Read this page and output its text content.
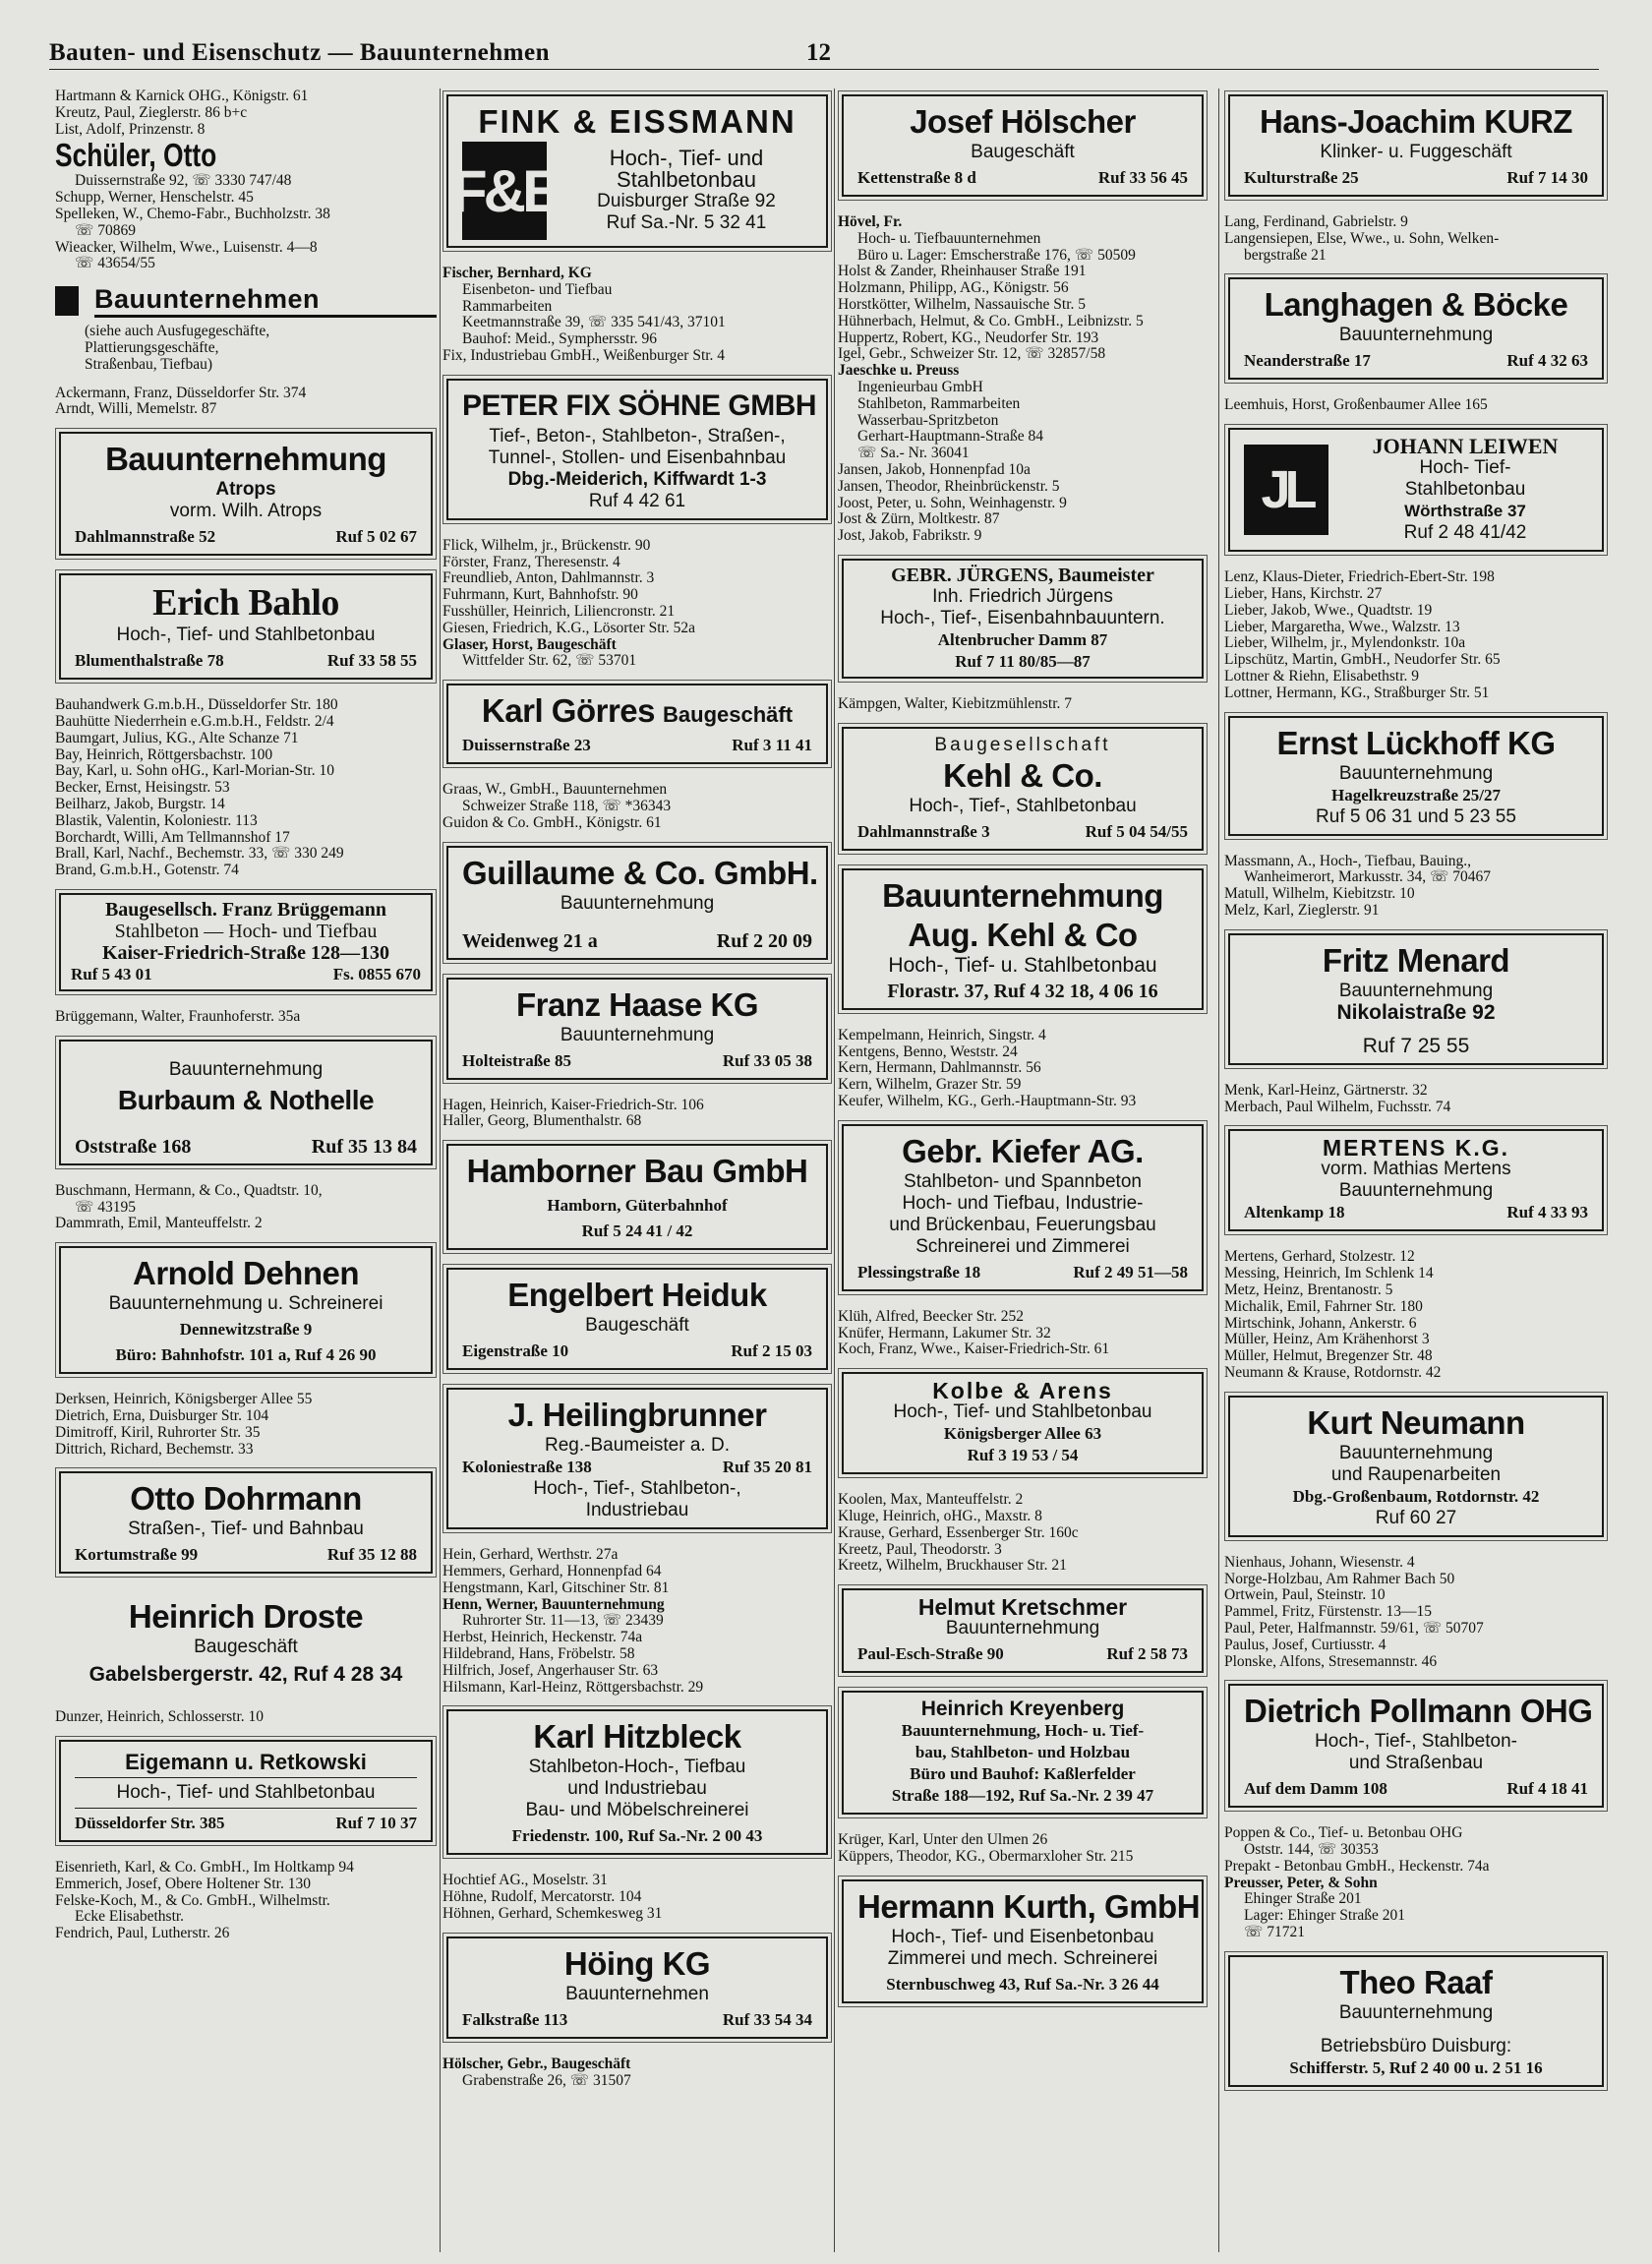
Bauten- und Eisenschutz — Bauunternehmen	12
Hartmann & Karnick OHG., Königstr. 61
Kreutz, Paul, Zieglerstr. 86 b+c
List, Adolf, Prinzenstr. 8
Schüler, Otto
Duissernstraße 92, ☏ 3330 747/48
Schupp, Werner, Henschelstr. 45
Spelleken, W., Chemo-Fabr., Buchholzstr. 38
☏ 70869
Wieacker, Wilhelm, Wwe., Luisenstr. 4—8
☏ 43654/55
Bauunternehmen
(siehe auch Ausfugegeschäfte,
Plattierungsgeschäfte,
Straßenbau, Tiefbau)
Ackermann, Franz, Düsseldorfer Str. 374
Arndt, Willi, Memelstr. 87
Bauunternehmung
Atrops
vorm. Wilh. Atrops
Dahlmannstraße 52	Ruf 5 02 67
Erich Bahlo
Hoch-, Tief- und Stahlbetonbau
Blumenthalstraße 78	Ruf 33 58 55
Bauhandwerk G.m.b.H., Düsseldorfer Str. 180
Bauhütte Niederrhein e.G.m.b.H., Feldstr. 2/4
Baumgart, Julius, KG., Alte Schanze 71
Bay, Heinrich, Röttgersbachstr. 100
Bay, Karl, u. Sohn oHG., Karl-Morian-Str. 10
Becker, Ernst, Heisingstr. 53
Beilharz, Jakob, Burgstr. 14
Blastik, Valentin, Koloniestr. 113
Borchardt, Willi, Am Tellmannshof 17
Brall, Karl, Nachf., Bechemstr. 33, ☏ 330 249
Brand, G.m.b.H., Gotenstr. 74
Baugesellsch. Franz Brüggemann
Stahlbeton — Hoch- und Tiefbau
Kaiser-Friedrich-Straße 128—130
Ruf 5 43 01	Fs. 0855 670
Brüggemann, Walter, Fraunhoferstr. 35a
Bauunternehmung
Burbaum & Nothelle
Oststraße 168	Ruf 35 13 84
Buschmann, Hermann, & Co., Quadtstr. 10,
☏ 43195
Dammrath, Emil, Manteuffelstr. 2
Arnold Dehnen
Bauunternehmung u. Schreinerei
Dennewitzstraße 9
Büro: Bahnhofstr. 101 a, Ruf 4 26 90
Derksen, Heinrich, Königsberger Allee 55
Dietrich, Erna, Duisburger Str. 104
Dimitroff, Kiril, Ruhrorter Str. 35
Dittrich, Richard, Bechemstr. 33
Otto Dohrmann
Straßen-, Tief- und Bahnbau
Kortumstraße 99	Ruf 35 12 88
Heinrich Droste
Baugeschäft
Gabelsbergerstr. 42, Ruf 4 28 34
Dunzer, Heinrich, Schlosserstr. 10
Eigemann u. Retkowski
Hoch-, Tief- und Stahlbetonbau
Düsseldorfer Str. 385	Ruf 7 10 37
Eisenrieth, Karl, & Co. GmbH., Im Holtkamp 94
Emmerich, Josef, Obere Holtener Str. 130
Felske-Koch, M., & Co. GmbH., Wilhelmstr.
Ecke Elisabethstr.
Fendrich, Paul, Lutherstr. 26
FINK & EISSMANN
F&E	Hoch-, Tief- und
Stahlbetonbau
Duisburger Straße 92
Ruf Sa.-Nr. 5 32 41
Fischer, Bernhard, KG
Eisenbeton- und Tiefbau
Rammarbeiten
Keetmannstraße 39, ☏ 335 541/43, 37101
Bauhof: Meid., Symphersstr. 96
Fix, Industriebau GmbH., Weißenburger Str. 4
PETER FIX SÖHNE GMBH
Tief-, Beton-, Stahlbeton-, Straßen-,
Tunnel-, Stollen- und Eisenbahnbau
Dbg.-Meiderich, Kiffwardt 1-3
Ruf 4 42 61
Flick, Wilhelm, jr., Brückenstr. 90
Förster, Franz, Theresenstr. 4
Freundlieb, Anton, Dahlmannstr. 3
Fuhrmann, Kurt, Bahnhofstr. 90
Fusshüller, Heinrich, Liliencronstr. 21
Giesen, Friedrich, K.G., Lösorter Str. 52a
Glaser, Horst, Baugeschäft
Wittfelder Str. 62, ☏ 53701
Karl Görres Baugeschäft
Duissernstraße 23	Ruf 3 11 41
Graas, W., GmbH., Bauunternehmen
Schweizer Straße 118, ☏ *36343
Guidon & Co. GmbH., Königstr. 61
Guillaume & Co. GmbH.
Bauunternehmung
Weidenweg 21 a	Ruf 2 20 09
Franz Haase KG
Bauunternehmung
Holteistraße 85	Ruf 33 05 38
Hagen, Heinrich, Kaiser-Friedrich-Str. 106
Haller, Georg, Blumenthalstr. 68
Hamborner Bau GmbH
Hamborn, Güterbahnhof
Ruf 5 24 41 / 42
Engelbert Heiduk
Baugeschäft
Eigenstraße 10	Ruf 2 15 03
J. Heilingbrunner
Reg.-Baumeister a. D.
Koloniestraße 138	Ruf 35 20 81
Hoch-, Tief-, Stahlbeton-,
Industriebau
Hein, Gerhard, Werthstr. 27a
Hemmers, Gerhard, Honnenpfad 64
Hengstmann, Karl, Gitschiner Str. 81
Henn, Werner, Bauunternehmung
Ruhrorter Str. 11—13, ☏ 23439
Herbst, Heinrich, Heckenstr. 74a
Hildebrand, Hans, Fröbelstr. 58
Hilfrich, Josef, Angerhauser Str. 63
Hilsmann, Karl-Heinz, Röttgersbachstr. 29
Karl Hitzbleck
Stahlbeton-Hoch-, Tiefbau
und Industriebau
Bau- und Möbelschreinerei
Friedenstr. 100, Ruf Sa.-Nr. 2 00 43
Hochtief AG., Moselstr. 31
Höhne, Rudolf, Mercatorstr. 104
Höhnen, Gerhard, Schemkesweg 31
Höing KG
Bauunternehmen
Falkstraße 113	Ruf 33 54 34
Hölscher, Gebr., Baugeschäft
Grabenstraße 26, ☏ 31507
Josef Hölscher
Baugeschäft
Kettenstraße 8 d	Ruf 33 56 45
Hövel, Fr.
Hoch- u. Tiefbauunternehmen
Büro u. Lager: Emscherstraße 176, ☏ 50509
Holst & Zander, Rheinhauser Straße 191
Holzmann, Philipp, AG., Königstr. 56
Horstkötter, Wilhelm, Nassauische Str. 5
Hühnerbach, Helmut, & Co. GmbH., Leibnizstr. 5
Huppertz, Robert, KG., Neudorfer Str. 193
Igel, Gebr., Schweizer Str. 12, ☏ 32857/58
Jaeschke u. Preuss
Ingenieurbau GmbH
Stahlbeton, Rammarbeiten
Wasserbau-Spritzbeton
Gerhart-Hauptmann-Straße 84
☏ Sa.- Nr. 36041
Jansen, Jakob, Honnenpfad 10a
Jansen, Theodor, Rheinbrückenstr. 5
Joost, Peter, u. Sohn, Weinhagenstr. 9
Jost & Zürn, Moltkestr. 87
Jost, Jakob, Fabrikstr. 9
GEBR. JÜRGENS, Baumeister
Inh. Friedrich Jürgens
Hoch-, Tief-, Eisenbahnbauuntern.
Altenbrucher Damm 87
Ruf 7 11 80/85—87
Kämpgen, Walter, Kiebitzmühlenstr. 7
Baugesellschaft
Kehl & Co.
Hoch-, Tief-, Stahlbetonbau
Dahlmannstraße 3	Ruf 5 04 54/55
Bauunternehmung
Aug. Kehl & Co
Hoch-, Tief- u. Stahlbetonbau
Florastr. 37, Ruf 4 32 18, 4 06 16
Kempelmann, Heinrich, Singstr. 4
Kentgens, Benno, Weststr. 24
Kern, Hermann, Dahlmannstr. 56
Kern, Wilhelm, Grazer Str. 59
Keufer, Wilhelm, KG., Gerh.-Hauptmann-Str. 93
Gebr. Kiefer AG.
Stahlbeton- und Spannbeton
Hoch- und Tiefbau, Industrie-
und Brückenbau, Feuerungsbau
Schreinerei und Zimmerei
Plessingstraße 18	Ruf 2 49 51—58
Klüh, Alfred, Beecker Str. 252
Knüfer, Hermann, Lakumer Str. 32
Koch, Franz, Wwe., Kaiser-Friedrich-Str. 61
Kolbe & Arens
Hoch-, Tief- und Stahlbetonbau
Königsberger Allee 63
Ruf 3 19 53 / 54
Koolen, Max, Manteuffelstr. 2
Kluge, Heinrich, oHG., Maxstr. 8
Krause, Gerhard, Essenberger Str. 160c
Kreetz, Paul, Theodorstr. 3
Kreetz, Wilhelm, Bruckhauser Str. 21
Helmut Kretschmer
Bauunternehmung
Paul-Esch-Straße 90	Ruf 2 58 73
Heinrich Kreyenberg
Bauunternehmung, Hoch- u. Tief-
bau, Stahlbeton- und Holzbau
Büro und Bauhof: Kaßlerfelder
Straße 188—192, Ruf Sa.-Nr. 2 39 47
Krüger, Karl, Unter den Ulmen 26
Küppers, Theodor, KG., Obermarxloher Str. 215
Hermann Kurth, GmbH
Hoch-, Tief- und Eisenbetonbau
Zimmerei und mech. Schreinerei
Sternbuschweg 43, Ruf Sa.-Nr. 3 26 44
Hans-Joachim KURZ
Klinker- u. Fuggeschäft
Kulturstraße 25	Ruf 7 14 30
Lang, Ferdinand, Gabrielstr. 9
Langensiepen, Else, Wwe., u. Sohn, Welken-
bergstraße 21
Langhagen & Böcke
Bauunternehmung
Neanderstraße 17	Ruf 4 32 63
Leemhuis, Horst, Großenbaumer Allee 165
JL
JOHANN LEIWEN
Hoch- Tief-
Stahlbetonbau
Wörthstraße 37
Ruf 2 48 41/42
Lenz, Klaus-Dieter, Friedrich-Ebert-Str. 198
Lieber, Hans, Kirchstr. 27
Lieber, Jakob, Wwe., Quadtstr. 19
Lieber, Margaretha, Wwe., Walzstr. 13
Lieber, Wilhelm, jr., Mylendonkstr. 10a
Lipschütz, Martin, GmbH., Neudorfer Str. 65
Lottner & Riehn, Elisabethstr. 9
Lottner, Hermann, KG., Straßburger Str. 51
Ernst Lückhoff KG
Bauunternehmung
Hagelkreuzstraße 25/27
Ruf 5 06 31 und 5 23 55
Massmann, A., Hoch-, Tiefbau, Bauing.,
Wanheimerort, Markusstr. 34, ☏ 70467
Matull, Wilhelm, Kiebitzstr. 10
Melz, Karl, Zieglerstr. 91
Fritz Menard
Bauunternehmung
Nikolaistraße 92
Ruf 7 25 55
Menk, Karl-Heinz, Gärtnerstr. 32
Merbach, Paul Wilhelm, Fuchsstr. 74
MERTENS K.G.
vorm. Mathias Mertens
Bauunternehmung
Altenkamp 18	Ruf 4 33 93
Mertens, Gerhard, Stolzestr. 12
Messing, Heinrich, Im Schlenk 14
Metz, Heinz, Brentanostr. 5
Michalik, Emil, Fahrner Str. 180
Mirtschink, Johann, Ankerstr. 6
Müller, Heinz, Am Krähenhorst 3
Müller, Helmut, Bregenzer Str. 48
Neumann & Krause, Rotdornstr. 42
Kurt Neumann
Bauunternehmung
und Raupenarbeiten
Dbg.-Großenbaum, Rotdornstr. 42
Ruf 60 27
Nienhaus, Johann, Wiesenstr. 4
Norge-Holzbau, Am Rahmer Bach 50
Ortwein, Paul, Steinstr. 10
Pammel, Fritz, Fürstenstr. 13—15
Paul, Peter, Halfmannstr. 59/61, ☏ 50707
Paulus, Josef, Curtiusstr. 4
Plonske, Alfons, Stresemannstr. 46
Dietrich Pollmann OHG
Hoch-, Tief-, Stahlbeton-
und Straßenbau
Auf dem Damm 108	Ruf 4 18 41
Poppen & Co., Tief- u. Betonbau OHG
Oststr. 144, ☏ 30353
Prepakt - Betonbau GmbH., Heckenstr. 74a
Preusser, Peter, & Sohn
Ehinger Straße 201
Lager: Ehinger Straße 201
☏ 71721
Theo Raaf
Bauunternehmung
Betriebsbüro Duisburg:
Schifferstr. 5, Ruf 2 40 00 u. 2 51 16
